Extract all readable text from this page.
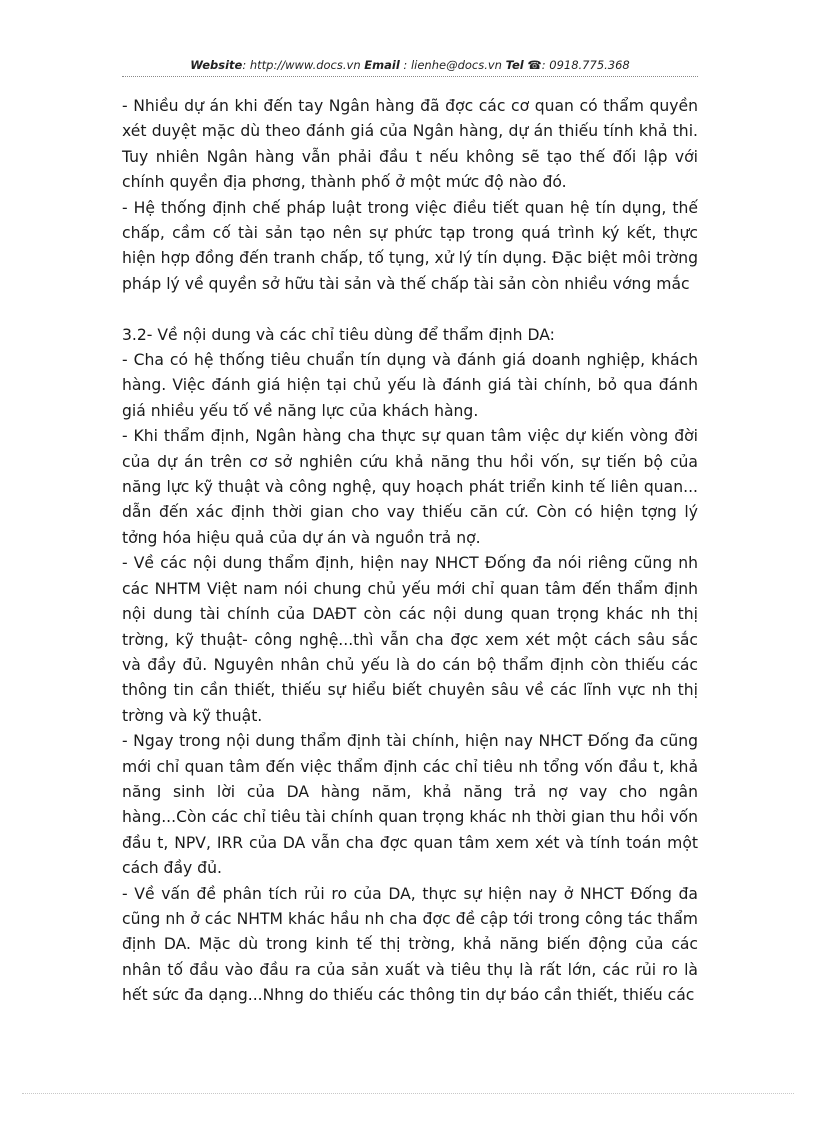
Website: http://www.docs.vn Email : lienhe@docs.vn Tel ☎: 0918.775.368

- Nhiều dự án khi đến tay Ngân hàng đã đợc các cơ quan có thẩm quyền xét duyệt mặc dù theo đánh giá của Ngân hàng, dự án thiếu tính khả thi. Tuy nhiên Ngân hàng vẫn phải đầu t nếu không sẽ tạo thế đối lập với chính quyền địa phơng, thành phố ở một mức độ nào đó.

- Hệ thống định chế pháp luật trong việc điều tiết quan hệ tín dụng, thế chấp, cầm cố tài sản tạo nên sự phức tạp trong quá trình ký kết, thực hiện hợp đồng đến tranh chấp, tố tụng, xử lý tín dụng. Đặc biệt môi trờng pháp lý về quyền sở hữu tài sản và thế chấp tài sản còn nhiều vớng mắc

3.2- Về nội dung và các chỉ tiêu dùng để thẩm định DA:

- Cha có hệ thống tiêu chuẩn tín dụng và đánh giá doanh nghiệp, khách hàng. Việc đánh giá hiện tại chủ yếu là đánh giá tài chính, bỏ qua đánh giá nhiều yếu tố về năng lực của khách hàng.

- Khi thẩm định, Ngân hàng cha thực sự quan tâm việc dự kiến vòng đời của dự án trên cơ sở nghiên cứu khả năng thu hồi vốn, sự tiến bộ của năng lực kỹ thuật và công nghệ, quy hoạch phát triển kinh tế liên quan... dẫn đến xác định thời gian cho vay thiếu căn cứ. Còn có hiện tợng lý tởng hóa hiệu quả của dự án và nguồn trả nợ.

- Về các nội dung thẩm định, hiện nay NHCT Đống đa nói riêng cũng nh các NHTM Việt nam nói chung chủ yếu mới chỉ quan tâm đến thẩm định nội dung tài chính của DAĐT còn các nội dung quan trọng khác nh thị trờng, kỹ thuật- công nghệ...thì vẫn cha đợc xem xét một cách sâu sắc và đầy đủ. Nguyên nhân chủ yếu là do cán bộ thẩm định còn thiếu các thông tin cần thiết, thiếu sự hiểu biết chuyên sâu về các lĩnh vực nh thị trờng và kỹ thuật.

- Ngay trong nội dung thẩm định tài chính, hiện nay NHCT Đống đa cũng mới chỉ quan tâm đến việc thẩm định các chỉ tiêu nh tổng vốn đầu t, khả năng sinh lời của DA hàng năm, khả năng trả nợ vay cho ngân hàng...Còn các chỉ tiêu tài chính quan trọng khác nh thời gian thu hồi vốn đầu t, NPV, IRR của DA vẫn cha đợc quan tâm xem xét và tính toán một cách đầy đủ.

- Về vấn đề phân tích rủi ro của DA, thực sự hiện nay ở NHCT Đống đa cũng nh ở các NHTM khác hầu nh cha đợc đề cập tới trong công tác thẩm định DA. Mặc dù trong kinh tế thị trờng, khả năng biến động của các nhân tố đầu vào đầu ra của sản xuất và tiêu thụ là rất lớn, các rủi ro là hết sức đa dạng...Nhng do thiếu các thông tin dự báo cần thiết, thiếu các
